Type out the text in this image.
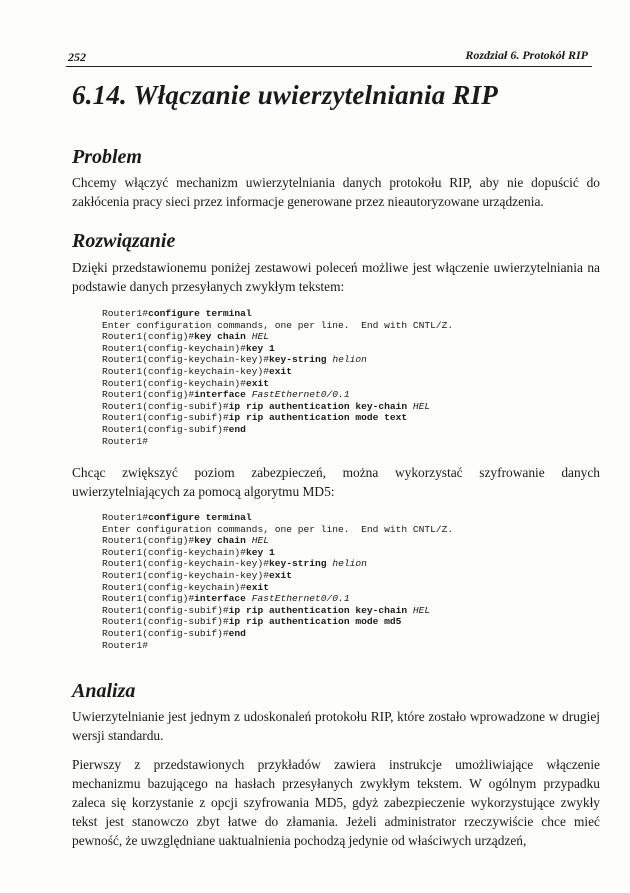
252	Rozdział 6. Protokół RIP
6.14. Włączanie uwierzytelniania RIP
Problem

Chcemy włączyć mechanizm uwierzytelniania danych protokołu RIP, aby nie dopuścić do zakłócenia pracy sieci przez informacje generowane przez nieautoryzowane urządzenia.

Rozwiązanie

Dzięki przedstawionemu poniżej zestawowi poleceń możliwe jest włączenie uwierzytelniania na podstawie danych przesyłanych zwykłym tekstem:

Router1#configure terminal
Enter configuration commands, one per line.  End with CNTL/Z.
Router1(config)#key chain HEL
Router1(config-keychain)#key 1
Router1(config-keychain-key)#key-string helion
Router1(config-keychain-key)#exit
Router1(config-keychain)#exit
Router1(config)#interface FastEthernet0/0.1
Router1(config-subif)#ip rip authentication key-chain HEL
Router1(config-subif)#ip rip authentication mode text
Router1(config-subif)#end
Router1#

Chcąc zwiększyć poziom zabezpieczeń, można wykorzystać szyfrowanie danych uwierzytelniających za pomocą algorytmu MD5:

Router1#configure terminal
Enter configuration commands, one per line.  End with CNTL/Z.
Router1(config)#key chain HEL
Router1(config-keychain)#key 1
Router1(config-keychain-key)#key-string helion
Router1(config-keychain-key)#exit
Router1(config-keychain)#exit
Router1(config)#interface FastEthernet0/0.1
Router1(config-subif)#ip rip authentication key-chain HEL
Router1(config-subif)#ip rip authentication mode md5
Router1(config-subif)#end
Router1#
Analiza

Uwierzytelnianie jest jednym z udoskonaleń protokołu RIP, które zostało wprowadzone w drugiej wersji standardu.

Pierwszy z przedstawionych przykładów zawiera instrukcje umożliwiające włączenie mechanizmu bazującego na hasłach przesyłanych zwykłym tekstem. W ogólnym przypadku zaleca się korzystanie z opcji szyfrowania MD5, gdyż zabezpieczenie wykorzystujące zwykły tekst jest stanowczo zbyt łatwe do złamania. Jeżeli administrator rzeczywiście chce mieć pewność, że uwzględniane uaktualnienia pochodzą jedynie od właściwych urządzeń,
